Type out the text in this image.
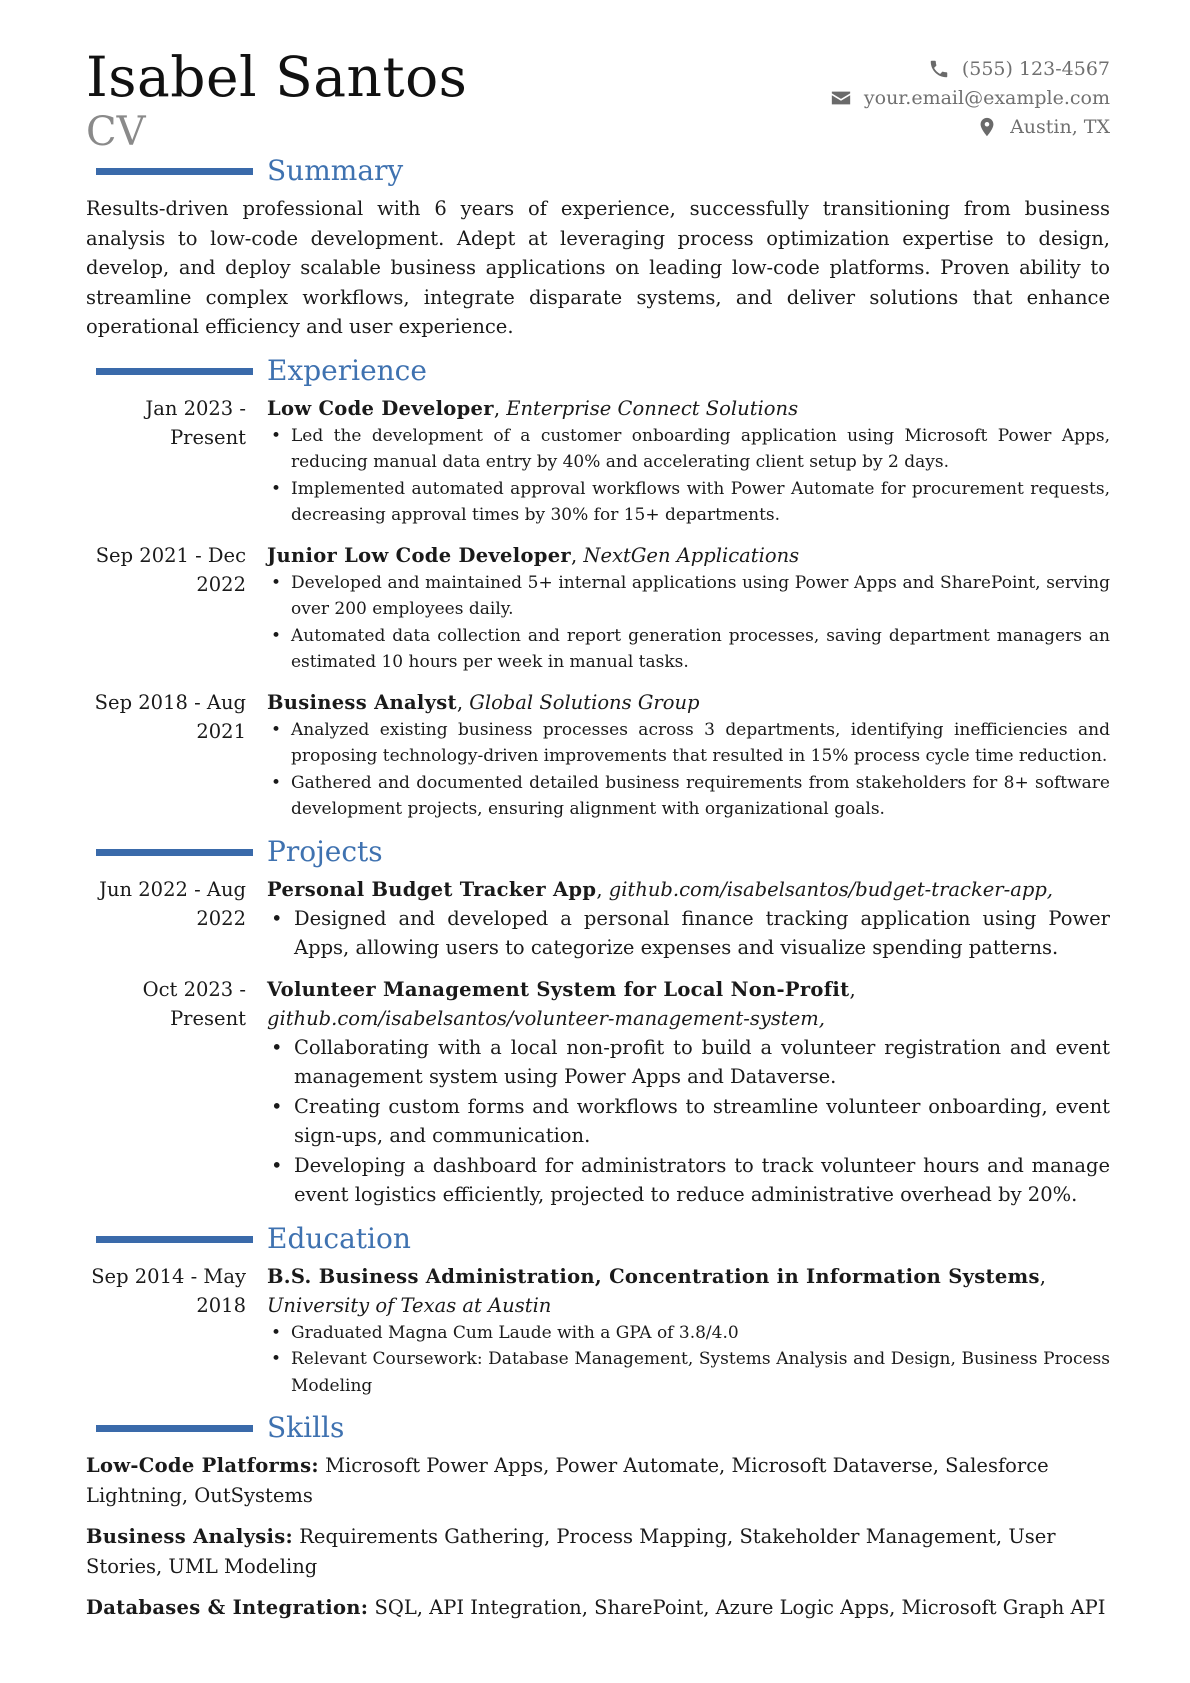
Isabel Santos
CV
(555) 123-4567
your.email@example.com
Austin, TX
Summary

Results-driven professional with 6 years of experience, successfully transitioning from business analysis to low-code development. Adept at leveraging process optimization expertise to design, develop, and deploy scalable business applications on leading low-code platforms. Proven ability to streamline complex workflows, integrate disparate systems, and deliver solutions that enhance operational efficiency and user experience.

Experience
Jan 2023 - Present
Low Code Developer, Enterprise Connect Solutions
• Led the development of a customer onboarding application using Microsoft Power Apps, reducing manual data entry by 40% and accelerating client setup by 2 days.
• Implemented automated approval workflows with Power Automate for procurement requests, decreasing approval times by 30% for 15+ departments.
Sep 2021 - Dec 2022
Junior Low Code Developer, NextGen Applications
• Developed and maintained 5+ internal applications using Power Apps and SharePoint, serving over 200 employees daily.
• Automated data collection and report generation processes, saving department managers an estimated 10 hours per week in manual tasks.
Sep 2018 - Aug 2021
Business Analyst, Global Solutions Group
• Analyzed existing business processes across 3 departments, identifying inefficiencies and proposing technology-driven improvements that resulted in 15% process cycle time reduction.
• Gathered and documented detailed business requirements from stakeholders for 8+ software development projects, ensuring alignment with organizational goals.
Projects
Jun 2022 - Aug 2022
Personal Budget Tracker App, github.com/isabelsantos/budget-tracker-app,
• Designed and developed a personal finance tracking application using Power Apps, allowing users to categorize expenses and visualize spending patterns.
Oct 2023 - Present
Volunteer Management System for Local Non-Profit, github.com/isabelsantos/volunteer-management-system,
• Collaborating with a local non-profit to build a volunteer registration and event management system using Power Apps and Dataverse.
• Creating custom forms and workflows to streamline volunteer onboarding, event sign-ups, and communication.
• Developing a dashboard for administrators to track volunteer hours and manage event logistics efficiently, projected to reduce administrative overhead by 20%.
Education
Sep 2014 - May 2018
B.S. Business Administration, Concentration in Information Systems, University of Texas at Austin
• Graduated Magna Cum Laude with a GPA of 3.8/4.0
• Relevant Coursework: Database Management, Systems Analysis and Design, Business Process Modeling
Skills
Low-Code Platforms: Microsoft Power Apps, Power Automate, Microsoft Dataverse, Salesforce Lightning, OutSystems
Business Analysis: Requirements Gathering, Process Mapping, Stakeholder Management, User Stories, UML Modeling
Databases & Integration: SQL, API Integration, SharePoint, Azure Logic Apps, Microsoft Graph API
